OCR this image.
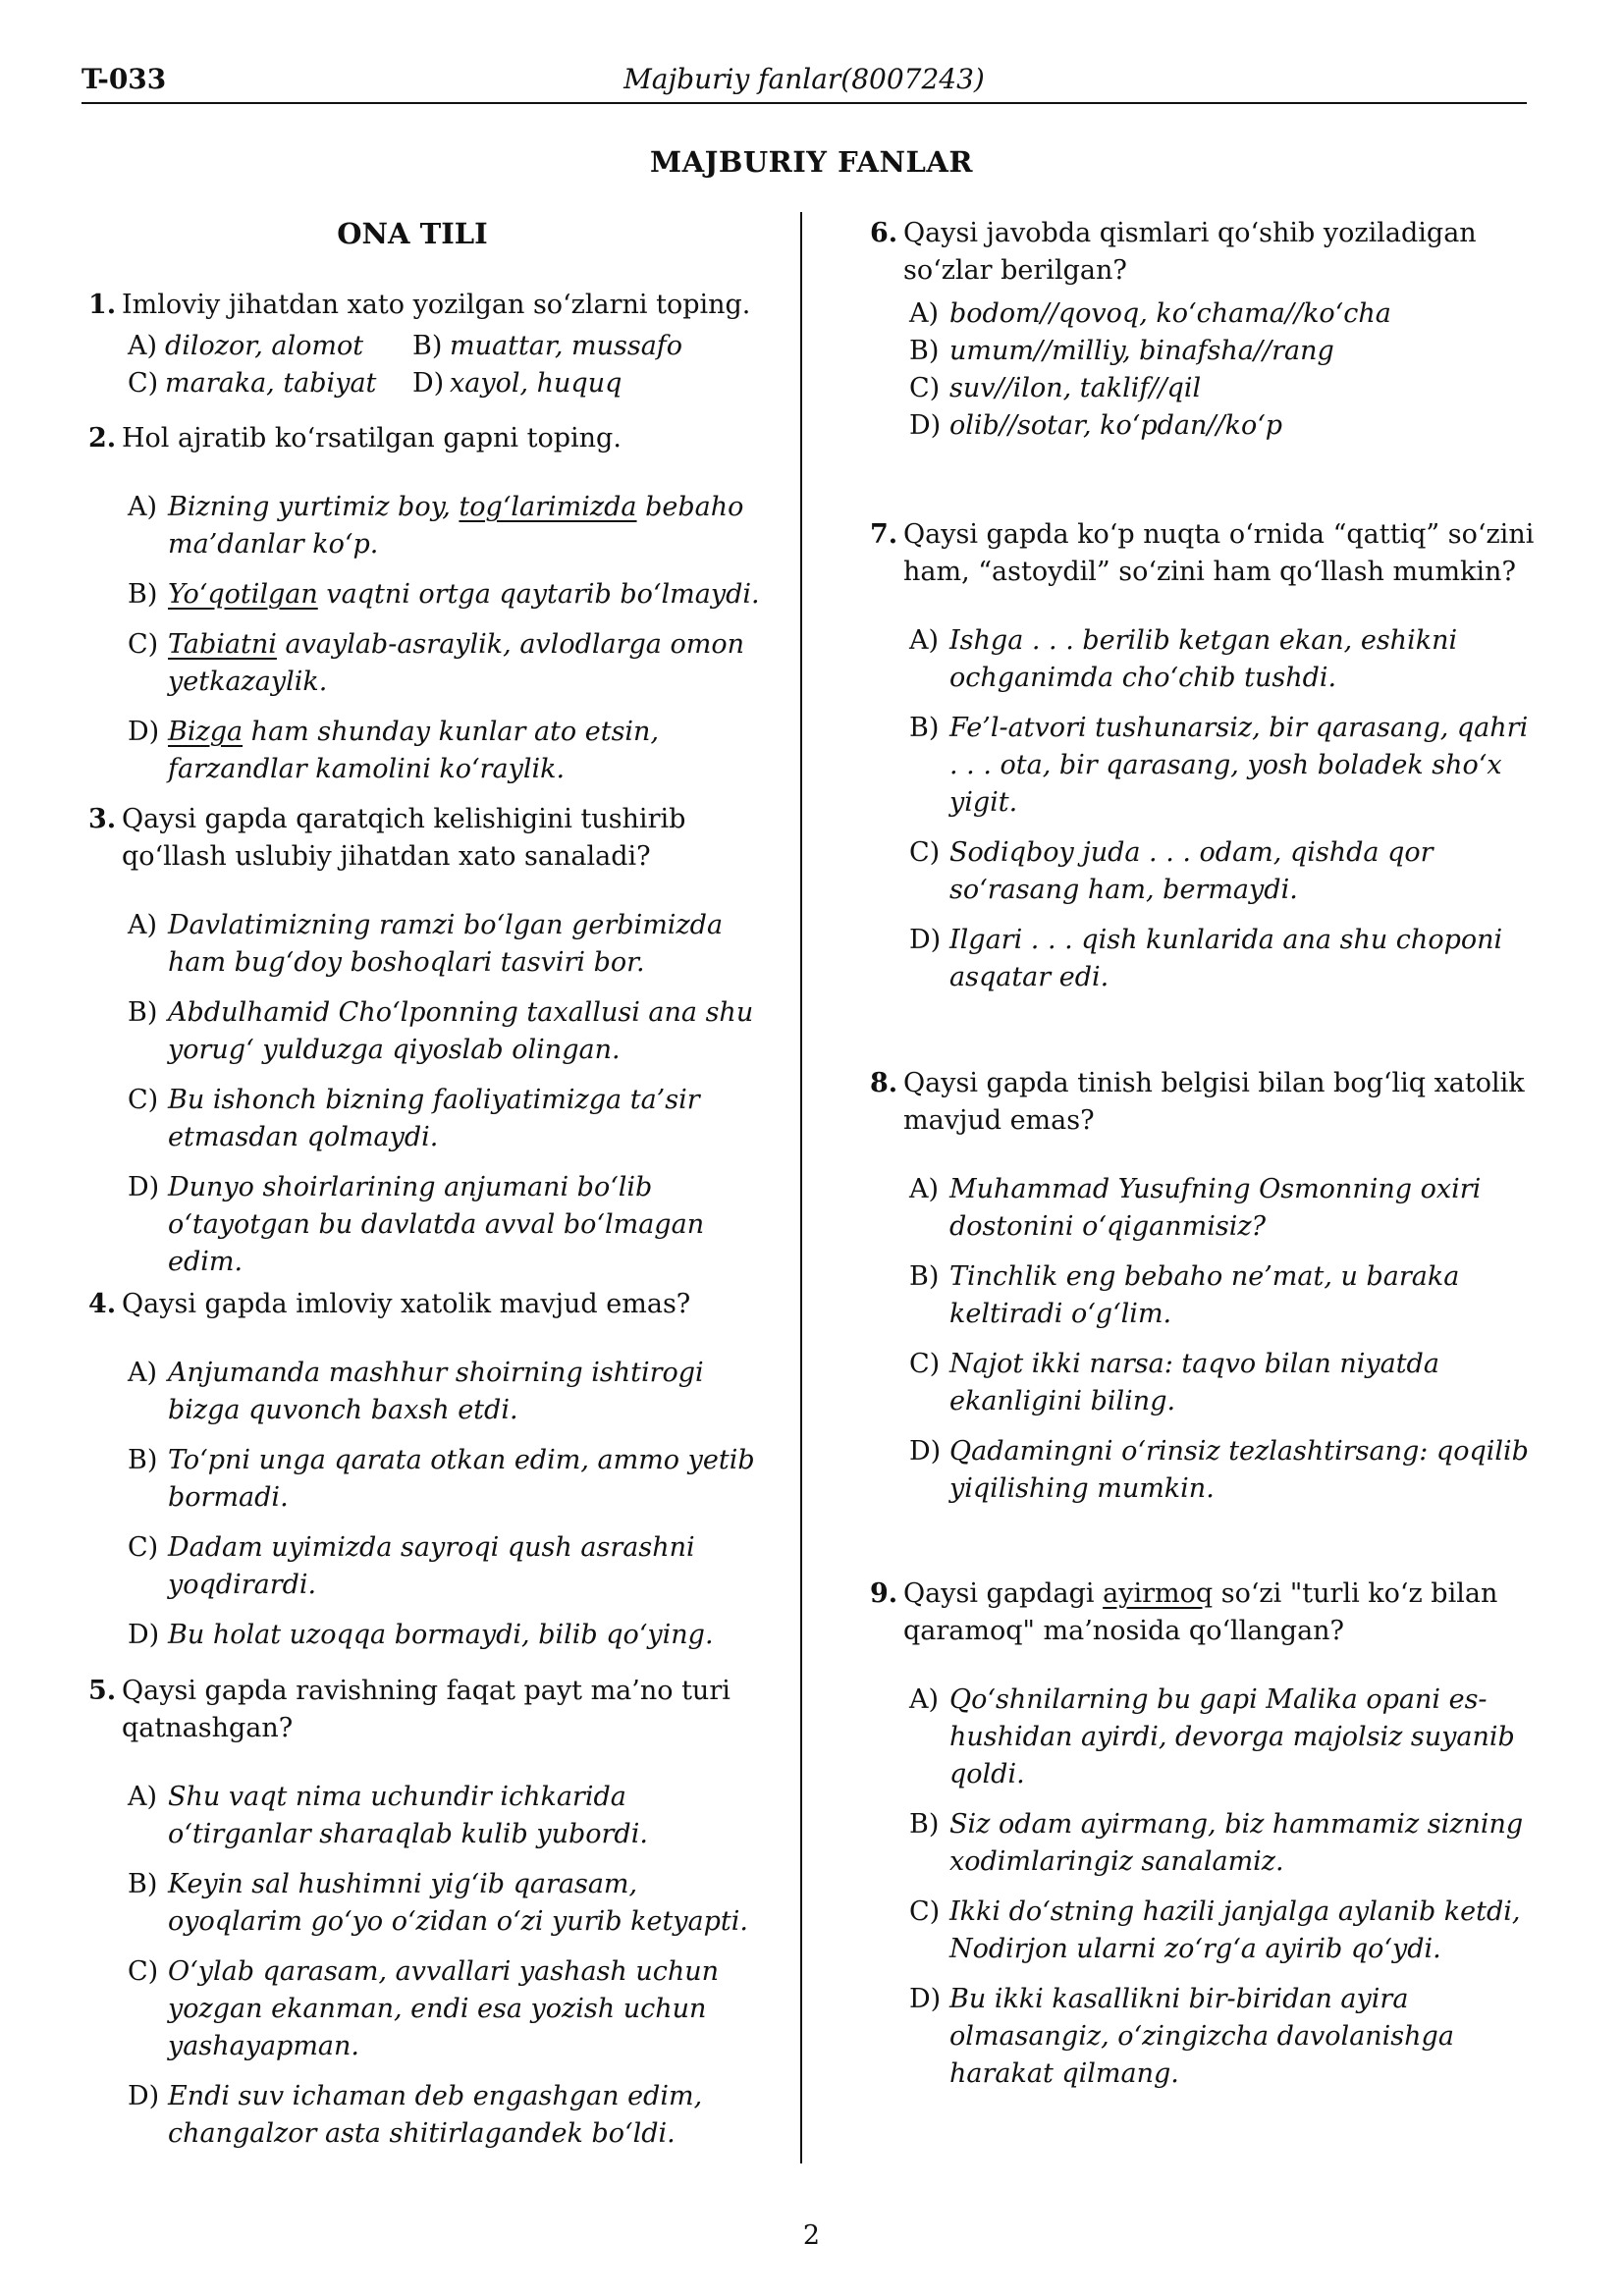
T-033	Majburiy fanlar(8007243)
MAJBURIY FANLAR
ONA TILI
1. Imloviy jihatdan xato yozilgan so‘zlarni toping.
A) dilozor, alomot	B) muattar, mussafo
C) maraka, tabiyat	D) xayol, huquq
2. Hol ajratib ko‘rsatilgan gapni toping.
A) Bizning yurtimiz boy, tog‘larimizda bebaho ma’danlar ko‘p.
B) Yo‘qotilgan vaqtni ortga qaytarib bo‘lmaydi.
C) Tabiatni avaylab-asraylik, avlodlarga omon yetkazaylik.
D) Bizga ham shunday kunlar ato etsin, farzandlar kamolini ko‘raylik.
3. Qaysi gapda qaratqich kelishigini tushirib qo‘llash uslubiy jihatdan xato sanaladi?
A) Davlatimizning ramzi bo‘lgan gerbimizda ham bug‘doy boshoqlari tasviri bor.
B) Abdulhamid Cho‘lponning taxallusi ana shu yorug‘ yulduzga qiyoslab olingan.
C) Bu ishonch bizning faoliyatimizga ta’sir etmasdan qolmaydi.
D) Dunyo shoirlarining anjumani bo‘lib o‘tayotgan bu davlatda avval bo‘lmagan edim.
4. Qaysi gapda imloviy xatolik mavjud emas?
A) Anjumanda mashhur shoirning ishtirogi bizga quvonch baxsh etdi.
B) To‘pni unga qarata otkan edim, ammo yetib bormadi.
C) Dadam uyimizda sayroqi qush asrashni yoqdirardi.
D) Bu holat uzoqqa bormaydi, bilib qo‘ying.
5. Qaysi gapda ravishning faqat payt ma’no turi qatnashgan?
A) Shu vaqt nima uchundir ichkarida o‘tirganlar sharaqlab kulib yubordi.
B) Keyin sal hushimni yig‘ib qarasam, oyoqlarim go‘yo o‘zidan o‘zi yurib ketyapti.
C) O‘ylab qarasam, avvallari yashash uchun yozgan ekanman, endi esa yozish uchun yashayapman.
D) Endi suv ichaman deb engashgan edim, changalzor asta shitirlagandek bo‘ldi.
6. Qaysi javobda qismlari qo‘shib yoziladigan so‘zlar berilgan?
A) bodom//qovoq, ko‘chama//ko‘cha
B) umum//milliy, binafsha//rang
C) suv//ilon, taklif//qil
D) olib//sotar, ko‘pdan//ko‘p
7. Qaysi gapda ko‘p nuqta o‘rnida “qattiq” so‘zini ham, “astoydil” so‘zini ham qo‘llash mumkin?
A) Ishga . . . berilib ketgan ekan, eshikni ochganimda cho‘chib tushdi.
B) Fe’l-atvori tushunarsiz, bir qarasang, qahri . . . ota, bir qarasang, yosh boladek sho‘x yigit.
C) Sodiqboy juda . . . odam, qishda qor so‘rasang ham, bermaydi.
D) Ilgari . . . qish kunlarida ana shu choponi asqatar edi.
8. Qaysi gapda tinish belgisi bilan bog‘liq xatolik mavjud emas?
A) Muhammad Yusufning Osmonning oxiri dostonini o‘qiganmisiz?
B) Tinchlik eng bebaho ne’mat, u baraka keltiradi o‘g‘lim.
C) Najot ikki narsa: taqvo bilan niyatda ekanligini biling.
D) Qadamingni o‘rinsiz tezlashtirsang: qoqilib yiqilishing mumkin.
9. Qaysi gapdagi ayirmoq so‘zi "turli ko‘z bilan qaramoq" ma’nosida qo‘llangan?
A) Qo‘shnilarning bu gapi Malika opani es-hushidan ayirdi, devorga majolsiz suyanib qoldi.
B) Siz odam ayirmang, biz hammamiz sizning xodimlaringiz sanalamiz.
C) Ikki do‘stning hazili janjalga aylanib ketdi, Nodirjon ularni zo‘rg‘a ayirib qo‘ydi.
D) Bu ikki kasallikni bir-biridan ayira olmasangiz, o‘zingizcha davolanishga harakat qilmang.
2
